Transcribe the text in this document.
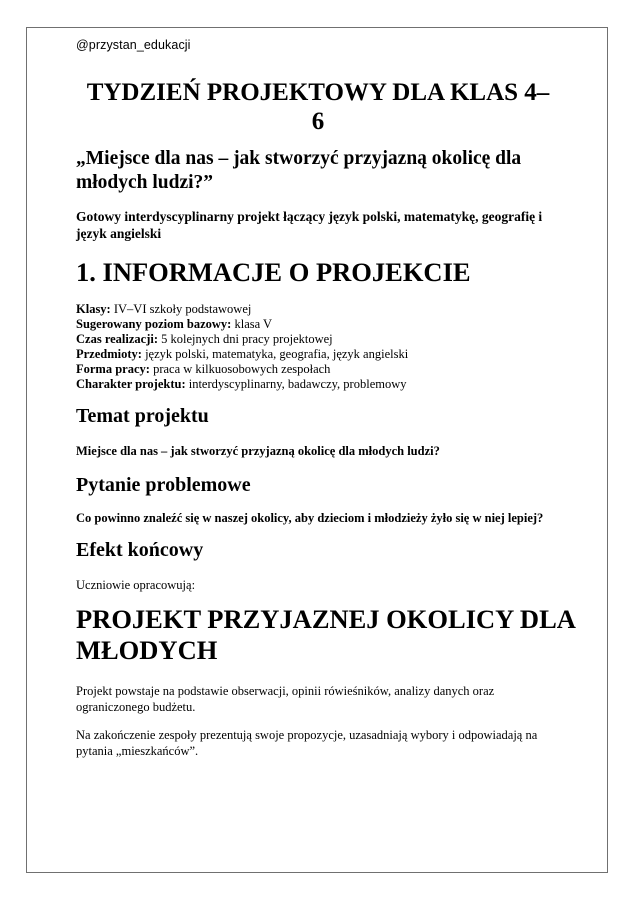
@przystan_edukacji
TYDZIEŃ PROJEKTOWY DLA KLAS 4–
6
„Miejsce dla nas – jak stworzyć przyjazną okolicę dla młodych ludzi?”

Gotowy interdyscyplinarny projekt łączący język polski, matematykę, geografię i język angielski

1. INFORMACJE O PROJEKCIE
Klasy: IV–VI szkoły podstawowej
Sugerowany poziom bazowy: klasa V
Czas realizacji: 5 kolejnych dni pracy projektowej
Przedmioty: język polski, matematyka, geografia, język angielski
Forma pracy: praca w kilkuosobowych zespołach
Charakter projektu: interdyscyplinarny, badawczy, problemowy
Temat projektu

Miejsce dla nas – jak stworzyć przyjazną okolicę dla młodych ludzi?

Pytanie problemowe

Co powinno znaleźć się w naszej okolicy, aby dzieciom i młodzieży żyło się w niej lepiej?

Efekt końcowy

Uczniowie opracowują:

PROJEKT PRZYJAZNEJ OKOLICY DLA
MŁODYCH

Projekt powstaje na podstawie obserwacji, opinii rówieśników, analizy danych oraz ograniczonego budżetu.

Na zakończenie zespoły prezentują swoje propozycje, uzasadniają wybory i odpowiadają na pytania „mieszkańców”.
